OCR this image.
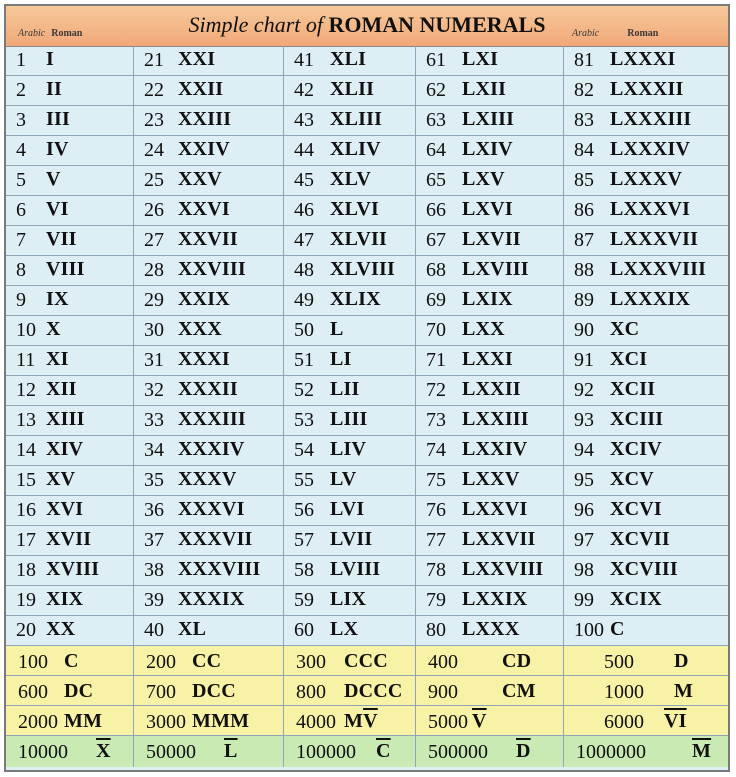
Arabic Roman	Simple chart of ROMAN NUMERALS	Arabic	Roman
1 I	21 XXI	41 XLI	61 LXI	81 LXXXI
2 II	22 XXII	42 XLII	62 LXII	82 LXXXII
3 III	23 XXIII	43 XLIII 63 LXIII	83 LXXXIII
4 IV	24 XXIV	44 XLIV 64 LXIV	84 LXXXIV
5 V	25 XXV	45 XLV	65 LXV	85 LXXXV
6 VI	26 XXVI	46 XLVI 66 LXVI	86 LXXXVI
7 VII	27 XXVII	47 XLVII 67 LXVII	87 LXXXVII
8 VIII	28 XXVIII 48 XLVIII 68 LXVIII 88 LXXXVIII
9 IX	29 XXIX	49 XLIX 69 LXIX	89 LXXXIX
10 X	30 XXX	50 L	70 LXX	90 XC
11 XI	31 XXXI	51 LI	71 LXXI	91 XCI
12 XII	32 XXXII	52 LII	72 LXXII	92 XCII
13 XIII	33 XXXIII 53 LIII	73 LXXIII 93 XCIII
14 XIV	34 XXXIV 54 LIV	74 LXXIV 94 XCIV
15 XV	35 XXXV	55 LV	75 LXXV	95 XCV
16 XVI	36 XXXVI 56 LVI	76 LXXVI 96 XCVI
17 XVII	37 XXXVII 57 LVII	77 LXXVII 97 XCVII
18 XVIII 38 XXXVIII 58 LVIII 78 LXXVIII 98 XCVIII
19 XIX	39 XXXIX 59 LIX	79 LXXIX 99 XCIX
20 XX	40 XL	60 LX	80 LXXX	100 C
100 C	200 CC	300 CCC 400 CD	500 D
600 DC	700 DCC	800 DCCC 900 CM	1000 M
2000 MM 3000 MMM 4000 $M\overline{V}$	5000 $\overline{V}$	6000 $\overline{VI}$
10000 $\overline{X}$ 50000 $\overline{L}$	100000 $\overline{C}$ 500000 $\overline{D}$ 1000000 $\overline{M}$
